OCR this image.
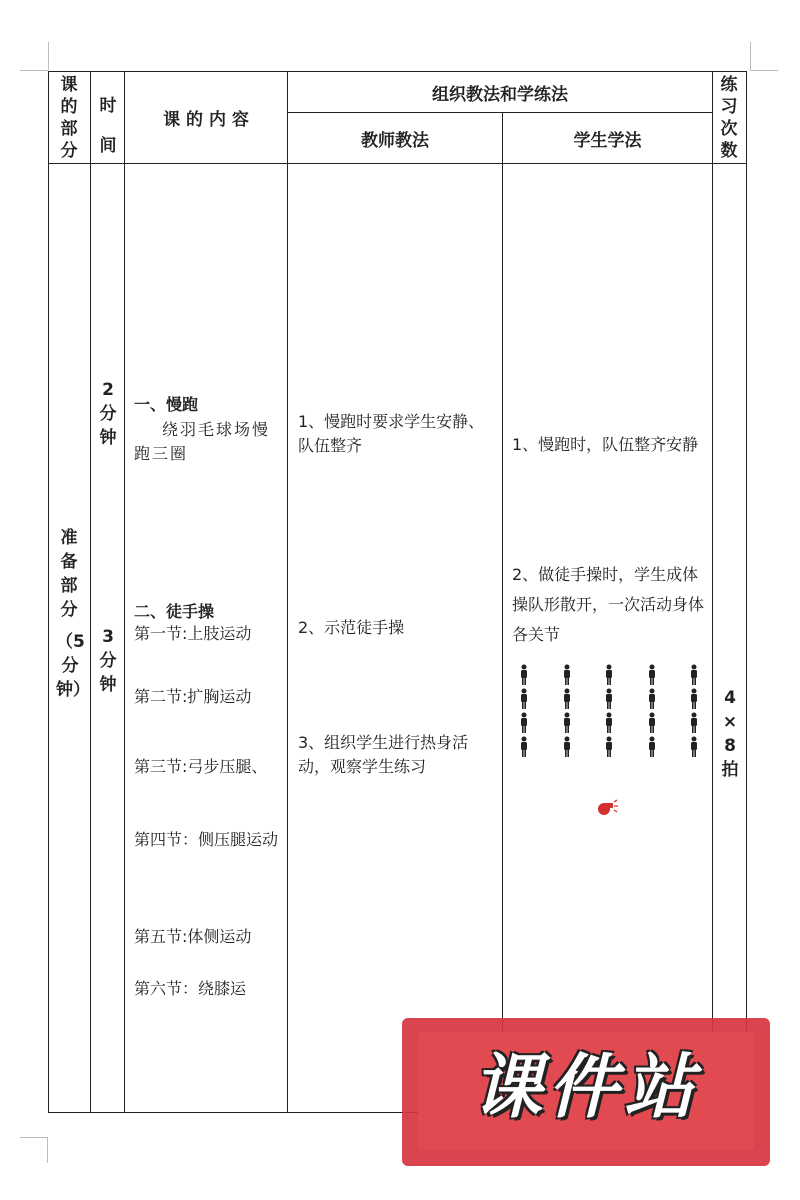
课的部分
时间
课 的 内 容
组织教法和学练法
教师教法	学生学法
练习次数
准备部分
（5分钟）
2分钟
3分钟
一、慢跑
绕羽毛球场慢跑三圈
二、徒手操
第一节:上肢运动
第二节:扩胸运动
第三节:弓步压腿、
第四节：侧压腿运动
第五节:体侧运动
第六节：绕膝运
1、慢跑时要求学生安静、队伍整齐
2、示范徒手操
3、组织学生进行热身活动，观察学生练习
1、慢跑时，队伍整齐安静
2、做徒手操时，学生成体操队形散开，一次活动身体各关节
4×8拍
课件站
